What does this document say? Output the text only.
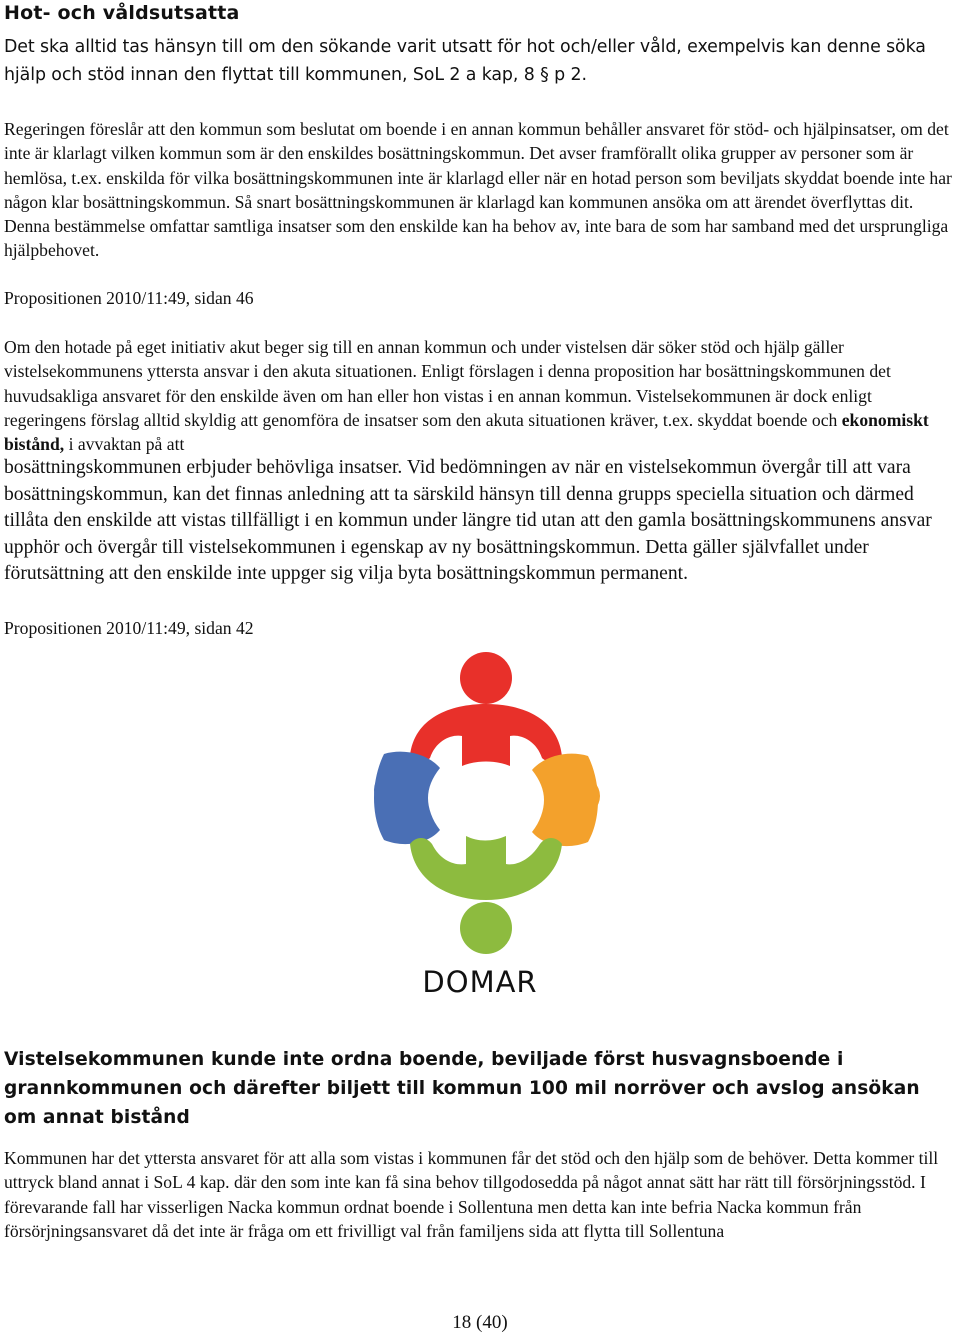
Hot- och våldsutsatta

Det ska alltid tas hänsyn till om den sökande varit utsatt för hot och/eller våld, exempelvis kan denne söka hjälp och stöd innan den flyttat till kommunen, SoL 2 a kap, 8 § p 2.

Regeringen föreslår att den kommun som beslutat om boende i en annan kommun behåller ansvaret för stöd- och hjälpinsatser, om det inte är klarlagt vilken kommun som är den enskildes bosättningskommun. Det avser framförallt olika grupper av personer som är hemlösa, t.ex. enskilda för vilka bosättningskommunen inte är klarlagd eller när en hotad person som beviljats skyddat boende inte har någon klar bosättningskommun. Så snart bosättningskommunen är klarlagd kan kommunen ansöka om att ärendet överflyttas dit. Denna bestämmelse omfattar samtliga insatser som den enskilde kan ha behov av, inte bara de som har samband med det ursprungliga hjälpbehovet.

Propositionen 2010/11:49, sidan 46

Om den hotade på eget initiativ akut beger sig till en annan kommun och under vistelsen där söker stöd och hjälp gäller vistelsekommunens yttersta ansvar i den akuta situationen. Enligt förslagen i denna proposition har bosättningskommunen det huvudsakliga ansvaret för den enskilde även om han eller hon vistas i en annan kommun. Vistelsekommunen är dock enligt regeringens förslag alltid skyldig att genomföra de insatser som den akuta situationen kräver, t.ex. skyddat boende och ekonomiskt bistånd, i avvaktan på att

bosättningskommunen erbjuder behövliga insatser. Vid bedömningen av när en vistelsekommun övergår till att vara bosättningskommun, kan det finnas anledning att ta särskild hänsyn till denna grupps speciella situation och därmed tillåta den enskilde att vistas tillfälligt i en kommun under längre tid utan att den gamla bosättningskommunens ansvar upphör och övergår till vistelsekommunen i egenskap av ny bosättningskommun. Detta gäller självfallet under förutsättning att den enskilde inte uppger sig vilja byta bosättningskommun permanent.

Propositionen 2010/11:49, sidan 42

DOMAR

Vistelsekommunen kunde inte ordna boende, beviljade först husvagnsboende i grannkommunen och därefter biljett till kommun 100 mil norröver och avslog ansökan om annat bistånd

Kommunen har det yttersta ansvaret för att alla som vistas i kommunen får det stöd och den hjälp som de behöver. Detta kommer till uttryck bland annat i SoL 4 kap. där den som inte kan få sina behov tillgodosedda på något annat sätt har rätt till försörjningsstöd. I förevarande fall har visserligen Nacka kommun ordnat boende i Sollentuna men detta kan inte befria Nacka kommun från försörjningsansvaret då det inte är fråga om ett frivilligt val från familjens sida att flytta till Sollentuna

18 (40)
